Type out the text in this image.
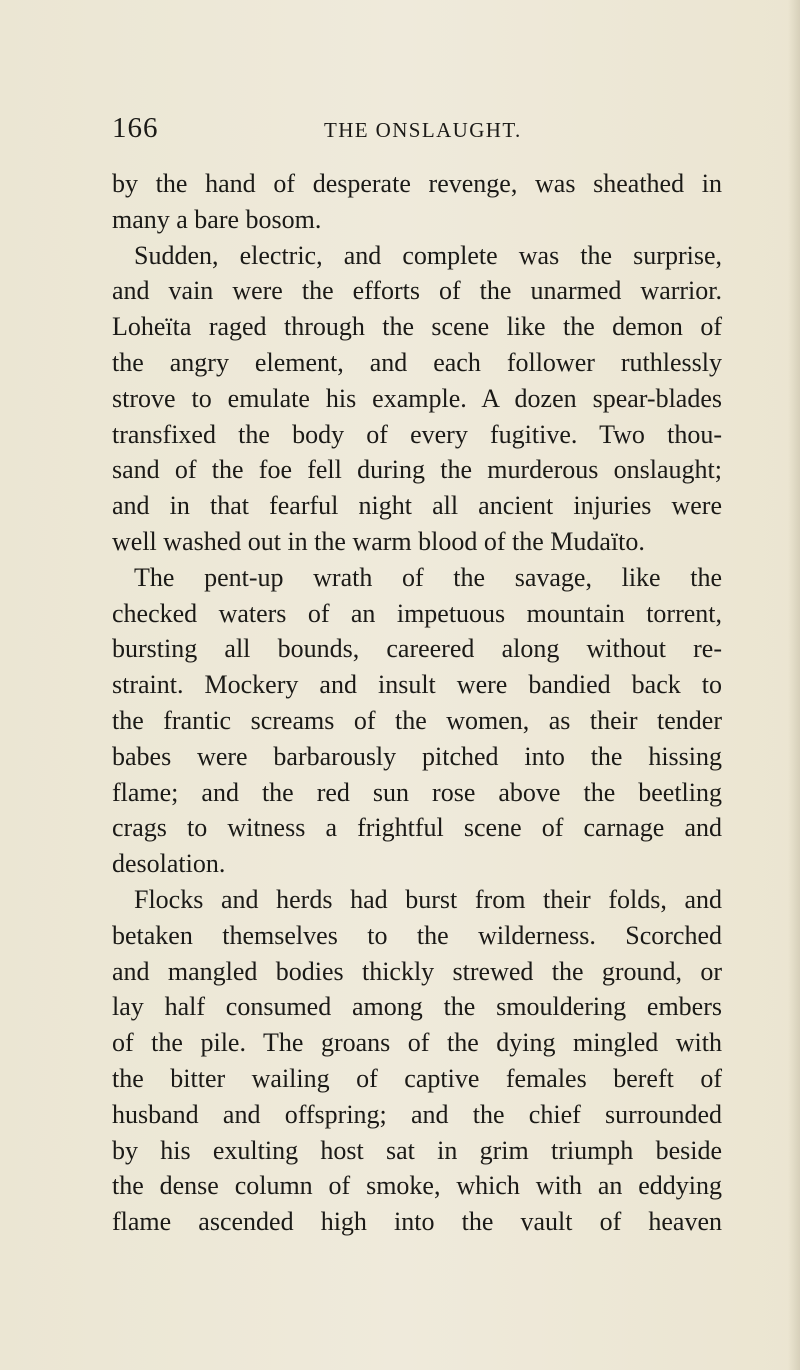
166	THE ONSLAUGHT.
by the hand of desperate revenge, was sheathed in
many a bare bosom.
Sudden, electric, and complete was the surprise,
and vain were the efforts of the unarmed warrior.
Loheïta raged through the scene like the demon of
the angry element, and each follower ruthlessly
strove to emulate his example. A dozen spear-blades
transfixed the body of every fugitive. Two thou-
sand of the foe fell during the murderous onslaught;
and in that fearful night all ancient injuries were
well washed out in the warm blood of the Mudaïto.
The pent-up wrath of the savage, like the
checked waters of an impetuous mountain torrent,
bursting all bounds, careered along without re-
straint. Mockery and insult were bandied back to
the frantic screams of the women, as their tender
babes were barbarously pitched into the hissing
flame; and the red sun rose above the beetling
crags to witness a frightful scene of carnage and
desolation.
Flocks and herds had burst from their folds, and
betaken themselves to the wilderness. Scorched
and mangled bodies thickly strewed the ground, or
lay half consumed among the smouldering embers
of the pile. The groans of the dying mingled with
the bitter wailing of captive females bereft of
husband and offspring; and the chief surrounded
by his exulting host sat in grim triumph beside
the dense column of smoke, which with an eddying
flame ascended high into the vault of heaven
